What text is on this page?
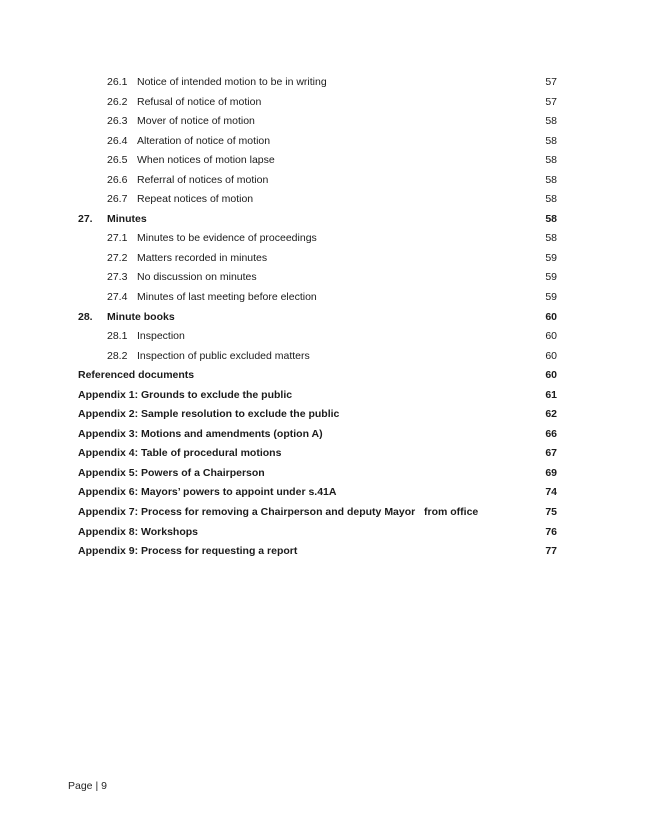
26.1 Notice of intended motion to be in writing	57
26.2 Refusal of notice of motion	57
26.3 Mover of notice of motion	58
26.4 Alteration of notice of motion	58
26.5 When notices of motion lapse	58
26.6 Referral of notices of motion	58
26.7 Repeat notices of motion	58
27.	Minutes	58
27.1 Minutes to be evidence of proceedings	58
27.2 Matters recorded in minutes	59
27.3 No discussion on minutes	59
27.4 Minutes of last meeting before election	59
28.	Minute books	60
28.1 Inspection	60
28.2 Inspection of public excluded matters	60
Referenced documents	60
Appendix 1: Grounds to exclude the public	61
Appendix 2: Sample resolution to exclude the public	62
Appendix 3: Motions and amendments (option A)	66
Appendix 4: Table of procedural motions	67
Appendix 5: Powers of a Chairperson	69
Appendix 6: Mayors’ powers to appoint under s.41A	74
Appendix 7: Process for removing a Chairperson and deputy Mayor   from office	75
Appendix 8: Workshops	76
Appendix 9: Process for requesting a report	77
Page | 9
